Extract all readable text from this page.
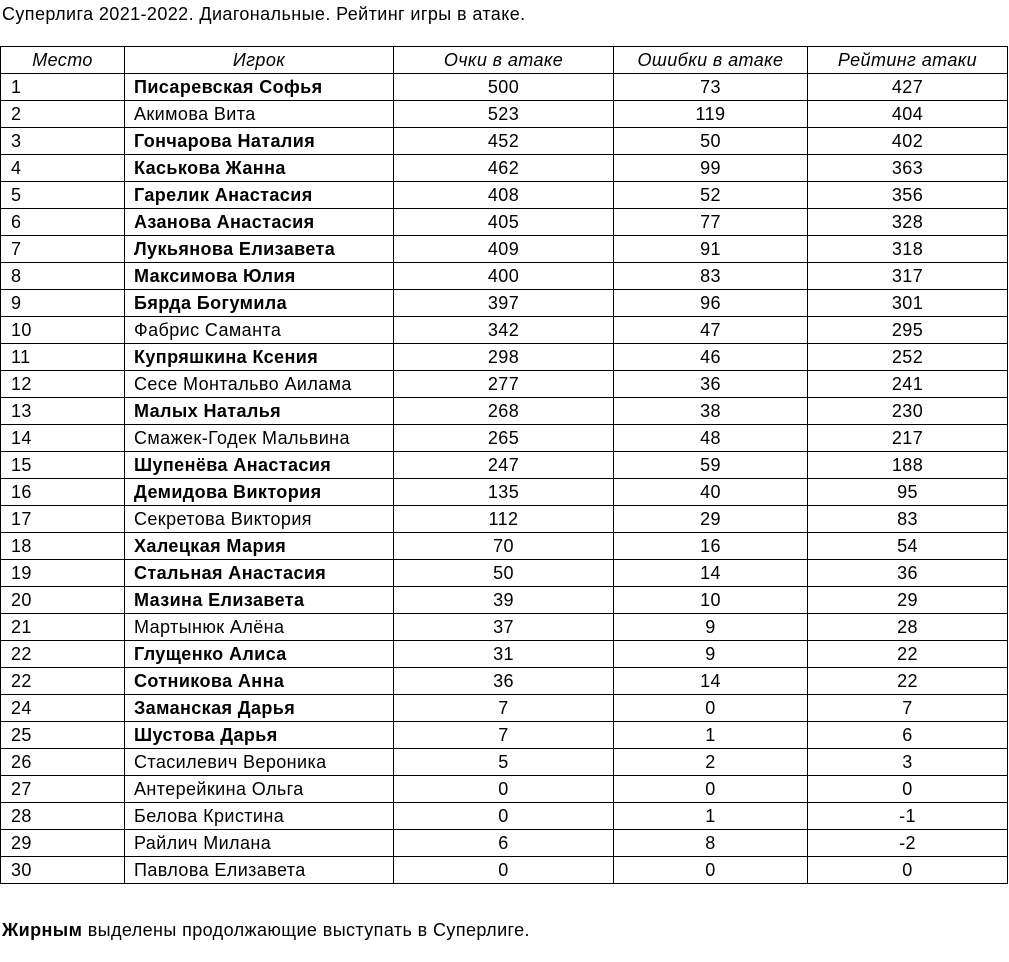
Суперлига 2021-2022. Диагональные. Рейтинг игры в атаке.
Место	Игрок	Очки в атаке	Ошибки в атаке	Рейтинг атаки
1	Писаревская Софья	500	73	427
2	Акимова Вита	523	119	404
3	Гончарова Наталия	452	50	402
4	Каськова Жанна	462	99	363
5	Гарелик Анастасия	408	52	356
6	Азанова Анастасия	405	77	328
7	Лукьянова Елизавета	409	91	318
8	Максимова Юлия	400	83	317
9	Бярда Богумила	397	96	301
10	Фабрис Саманта	342	47	295
11	Купряшкина Ксения	298	46	252
12	Сесе Монтальво Аилама	277	36	241
13	Малых Наталья	268	38	230
14	Смажек-Годек Мальвина	265	48	217
15	Шупенёва Анастасия	247	59	188
16	Демидова Виктория	135	40	95
17	Секретова Виктория	112	29	83
18	Халецкая Мария	70	16	54
19	Стальная Анастасия	50	14	36
20	Мазина Елизавета	39	10	29
21	Мартынюк Алёна	37	9	28
22	Глущенко Алиса	31	9	22
22	Сотникова Анна	36	14	22
24	Заманская Дарья	7	0	7
25	Шустова Дарья	7	1	6
26	Стасилевич Вероника	5	2	3
27	Антерейкина Ольга	0	0	0
28	Белова Кристина	0	1	-1
29	Райлич Милана	6	8	-2
30	Павлова Елизавета	0	0	0
Жирным выделены продолжающие выступать в Суперлиге.
